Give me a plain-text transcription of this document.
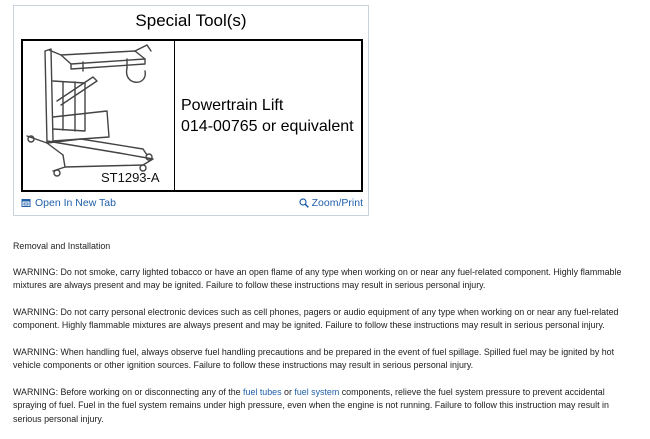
Special Tool(s)
ST1293-A
Powertrain Lift
014-00765 or equivalent
Open In New Tab	Zoom/Print

Removal and Installation

WARNING: Do not smoke, carry lighted tobacco or have an open flame of any type when working on or near any fuel-related component. Highly flammable mixtures are always present and may be ignited. Failure to follow these instructions may result in serious personal injury.

WARNING: Do not carry personal electronic devices such as cell phones, pagers or audio equipment of any type when working on or near any fuel-related component. Highly flammable mixtures are always present and may be ignited. Failure to follow these instructions may result in serious personal injury.

WARNING: When handling fuel, always observe fuel handling precautions and be prepared in the event of fuel spillage. Spilled fuel may be ignited by hot vehicle components or other ignition sources. Failure to follow these instructions may result in serious personal injury.

WARNING: Before working on or disconnecting any of the fuel tubes or fuel system components, relieve the fuel system pressure to prevent accidental spraying of fuel. Fuel in the fuel system remains under high pressure, even when the engine is not running. Failure to follow this instruction may result in serious personal injury.
